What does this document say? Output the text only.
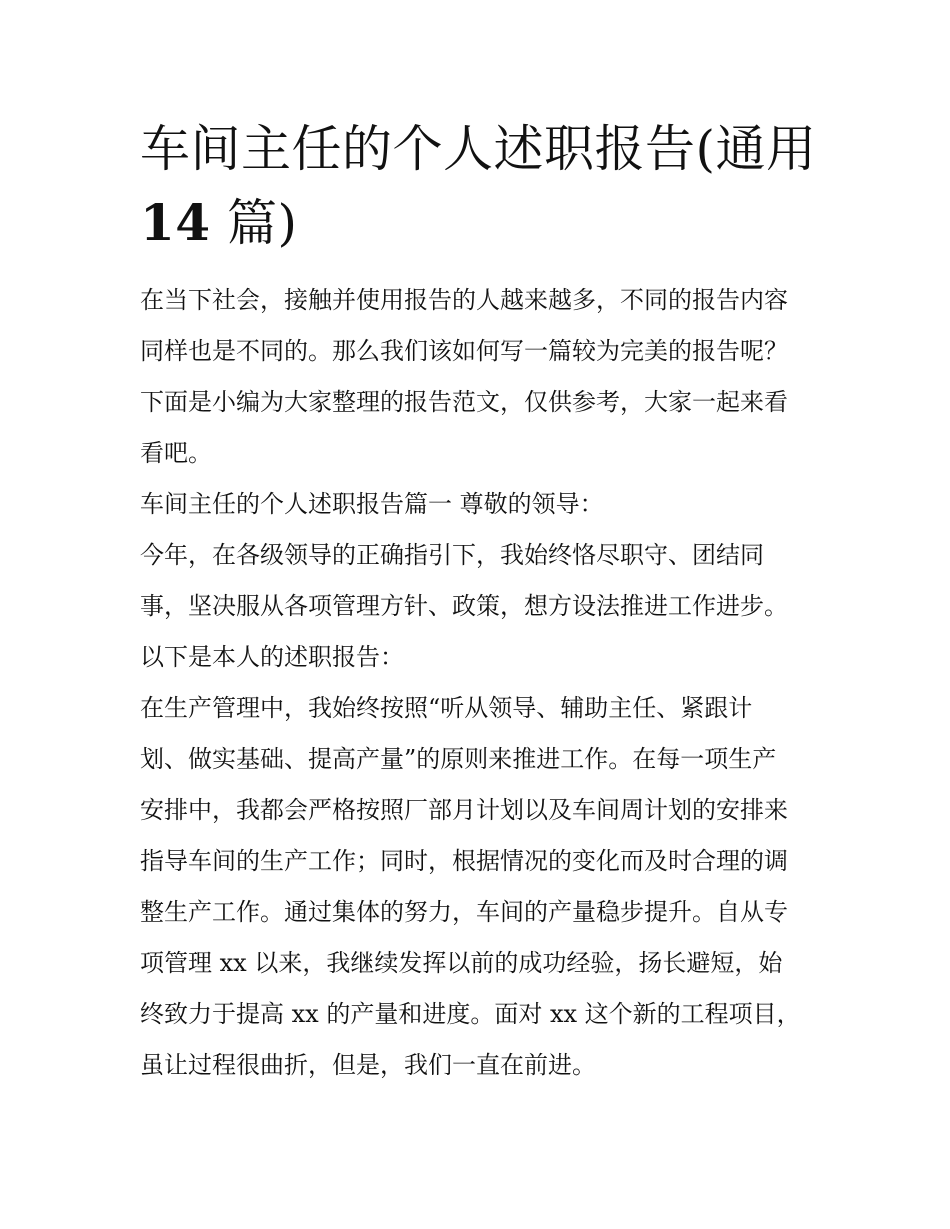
车间主任的个人述职报告(通用
14 篇)
在当下社会，接触并使用报告的人越来越多，不同的报告内容
同样也是不同的。那么我们该如何写一篇较为完美的报告呢？
下面是小编为大家整理的报告范文，仅供参考，大家一起来看
看吧。
车间主任的个人述职报告篇一 尊敬的领导：
今年，在各级领导的正确指引下，我始终恪尽职守、团结同
事，坚决服从各项管理方针、政策，想方设法推进工作进步。
以下是本人的述职报告：
在生产管理中，我始终按照“听从领导、辅助主任、紧跟计
划、做实基础、提高产量”的原则来推进工作。在每一项生产
安排中，我都会严格按照厂部月计划以及车间周计划的安排来
指导车间的生产工作；同时，根据情况的变化而及时合理的调
整生产工作。通过集体的努力，车间的产量稳步提升。自从专
项管理 xx 以来，我继续发挥以前的成功经验，扬长避短，始
终致力于提高 xx 的产量和进度。面对 xx 这个新的工程项目，
虽让过程很曲折，但是，我们一直在前进。
